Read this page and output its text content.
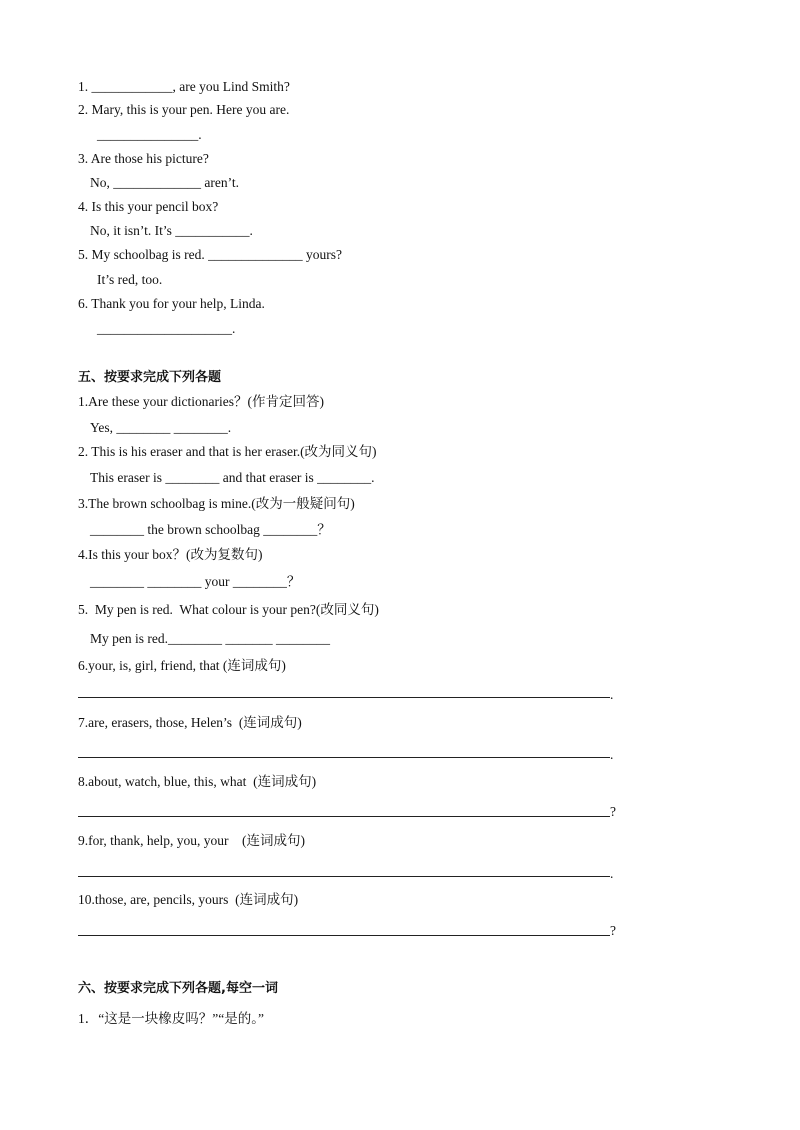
1. ____________, are you Lind Smith?
2. Mary, this is your pen. Here you are.
_______________.
3. Are those his picture?
No, _____________ aren’t.
4. Is this your pencil box?
No, it isn’t. It’s ___________.
5. My schoolbag is red. ______________ yours?
It’s red, too.
6. Thank you for your help, Linda.
____________________.
五、按要求完成下列各题
1.Are these your dictionaries？(作肯定回答)
Yes, ________ ________.
2. This is his eraser and that is her eraser.(改为同义句)
This eraser is ________ and that eraser is ________.
3.The brown schoolbag is mine.(改为一般疑问句)
________ the brown schoolbag ________？
4.Is this your box？(改为复数句)
________ ________ your ________？
5.  My pen is red.  What colour is your pen?(改同义句)
My pen is red.________ _______ ________
6.your, is, girl, friend, that (连词成句)
.
7.are, erasers, those, Helen’s  (连词成句)
.
8.about, watch, blue, this, what  (连词成句)
?
9.for, thank, help, you, your    (连词成句)
.
10.those, are, pencils, yours  (连词成句)
?
六、按要求完成下列各题,每空一词
1．“这是一块橡皮吗？”“是的。”
